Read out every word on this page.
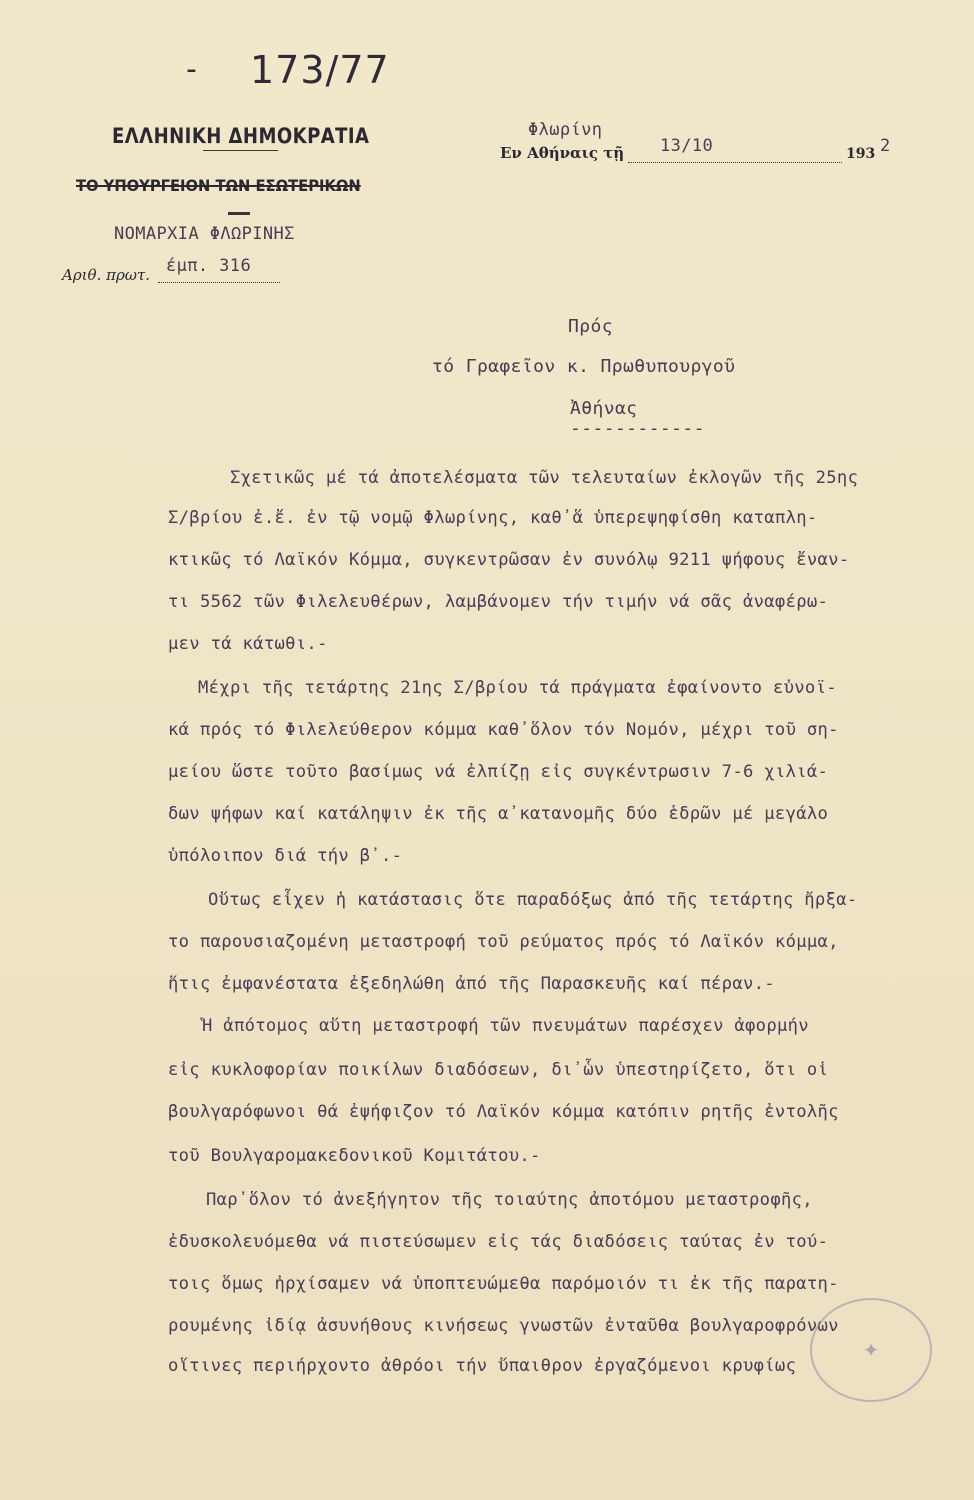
- 173/77
ΕΛΛΗΝΙΚΗ ΔΗΜΟΚΡΑΤΙΑ
ΤΟ ΥΠΟΥΡΓΕΙΟΝ ΤΩΝ ΕΣΩΤΕΡΙΚΩΝ
ΝΟΜΑΡΧΙΑ ΦΛΩΡΙΝΗΣ
Αριθ. πρωτ. έμπ. 316
Φλωρίνη
Εν Αθήναις τῇ 13/10	193 2
Πρός
τό Γραφεῖον κ. Πρωθυπουργοῦ
Ἀθήνας
------------
Σχετικῶς μέ τά ἀποτελέσματα τῶν τελευταίων ἐκλογῶν τῆς 25ης
Σ/βρίου ἐ.ἔ. ἐν τῷ νομῷ Φλωρίνης, καθ᾽ἅ ὑπερεψηφίσθη καταπλη-
κτικῶς τό Λαϊκόν Κόμμα, συγκεντρῶσαν ἐν συνόλῳ 9211 ψήφους ἔναν-
τι 5562 τῶν Φιλελευθέρων, λαμβάνομεν τήν τιμήν νά σᾶς ἀναφέρω-
μεν τά κάτωθι.-
Μέχρι τῆς τετάρτης 21ης Σ/βρίου τά πράγματα ἐφαίνοντο εὐνοϊ-
κά πρός τό Φιλελεύθερον κόμμα καθ᾽ὅλον τόν Νομόν, μέχρι τοῦ ση-
μείου ὥστε τοῦτο βασίμως νά ἐλπίζῃ εἰς συγκέντρωσιν 7-6 χιλιά-
δων ψήφων καί κατάληψιν ἐκ τῆς α᾽κατανομῆς δύο ἑδρῶν μέ μεγάλο
ὑπόλοιπον διά τήν β᾽.-
Οὕτως εἶχεν ἡ κατάστασις ὅτε παραδόξως ἀπό τῆς τετάρτης ἤρξα-
το παρουσιαζομένη μεταστροφή τοῦ ρεύματος πρός τό Λαϊκόν κόμμα,
ἥτις ἐμφανέστατα ἐξεδηλώθη ἀπό τῆς Παρασκευῆς καί πέραν.-
Ἡ ἀπότομος αὕτη μεταστροφή τῶν πνευμάτων παρέσχεν ἀφορμήν
εἰς κυκλοφορίαν ποικίλων διαδόσεων, δι᾽ὧν ὑπεστηρίζετο, ὅτι οἱ
βουλγαρόφωνοι θά ἐψήφιζον τό Λαϊκόν κόμμα κατόπιν ρητῆς ἐντολῆς
τοῦ Βουλγαρομακεδονικοῦ Κομιτάτου.-
Παρ᾽ὅλον τό ἀνεξήγητον τῆς τοιαύτης ἀποτόμου μεταστροφῆς,
ἐδυσκολευόμεθα νά πιστεύσωμεν εἰς τάς διαδόσεις ταύτας ἐν τού-
τοις ὅμως ἠρχίσαμεν νά ὑποπτευώμεθα παρόμοιόν τι ἐκ τῆς παρατη-
ρουμένης ἰδίᾳ ἀσυνήθους κινήσεως γνωστῶν ἐνταῦθα βουλγαροφρόνων
οἵτινες περιήρχοντο ἀθρόοι τήν ὕπαιθρον ἐργαζόμενοι κρυφίως
✦
